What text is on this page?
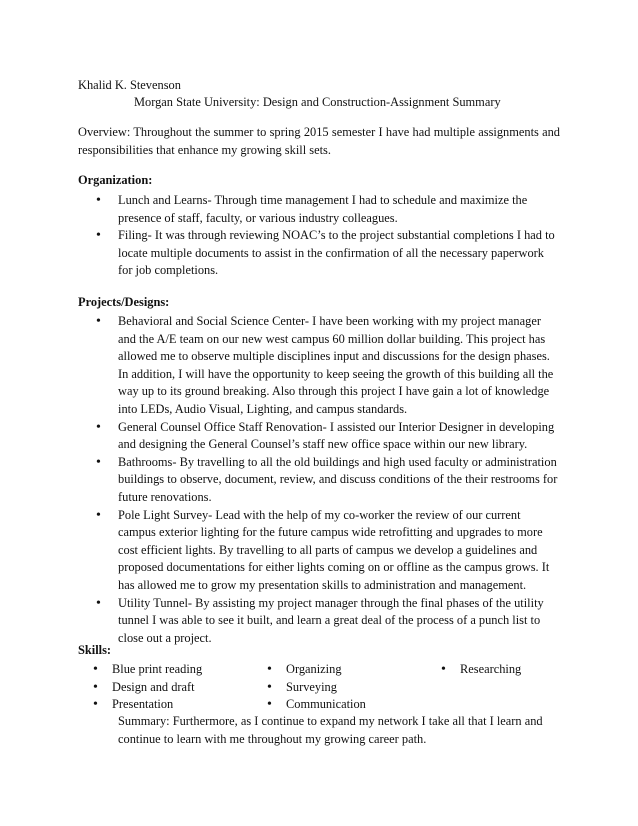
Khalid K. Stevenson
Morgan State University: Design and Construction-Assignment Summary
Overview: Throughout the summer to spring 2015 semester I have had multiple assignments and responsibilities that enhance my growing skill sets.
Organization:
• Lunch and Learns- Through time management I had to schedule and maximize the presence of staff, faculty, or various industry colleagues.
• Filing- It was through reviewing NOAC’s to the project substantial completions I had to locate multiple documents to assist in the confirmation of all the necessary paperwork for job completions.
Projects/Designs:
• Behavioral and Social Science Center- I have been working with my project manager and the A/E team on our new west campus 60 million dollar building. This project has allowed me to observe multiple disciplines input and discussions for the design phases. In addition, I will have the opportunity to keep seeing the growth of this building all the way up to its ground breaking. Also through this project I have gain a lot of knowledge into LEDs, Audio Visual, Lighting, and campus standards.
• General Counsel Office Staff Renovation- I assisted our Interior Designer in developing and designing the General Counsel’s staff new office space within our new library.
• Bathrooms- By travelling to all the old buildings and high used faculty or administration buildings to observe, document, review, and discuss conditions of the their restrooms for future renovations.
• Pole Light Survey- Lead with the help of my co-worker the review of our current campus exterior lighting for the future campus wide retrofitting and upgrades to more cost efficient lights. By travelling to all parts of campus we develop a guidelines and proposed documentations for either lights coming on or offline as the campus grows. It has allowed me to grow my presentation skills to administration and management.
• Utility Tunnel- By assisting my project manager through the final phases of the utility tunnel I was able to see it built, and learn a great deal of the process of a punch list to close out a project.
Skills:
• Blue print reading
• Design and draft
• Presentation
• Organizing
• Surveying
• Communication
• Researching
Summary: Furthermore, as I continue to expand my network I take all that I learn and continue to learn with me throughout my growing career path.
